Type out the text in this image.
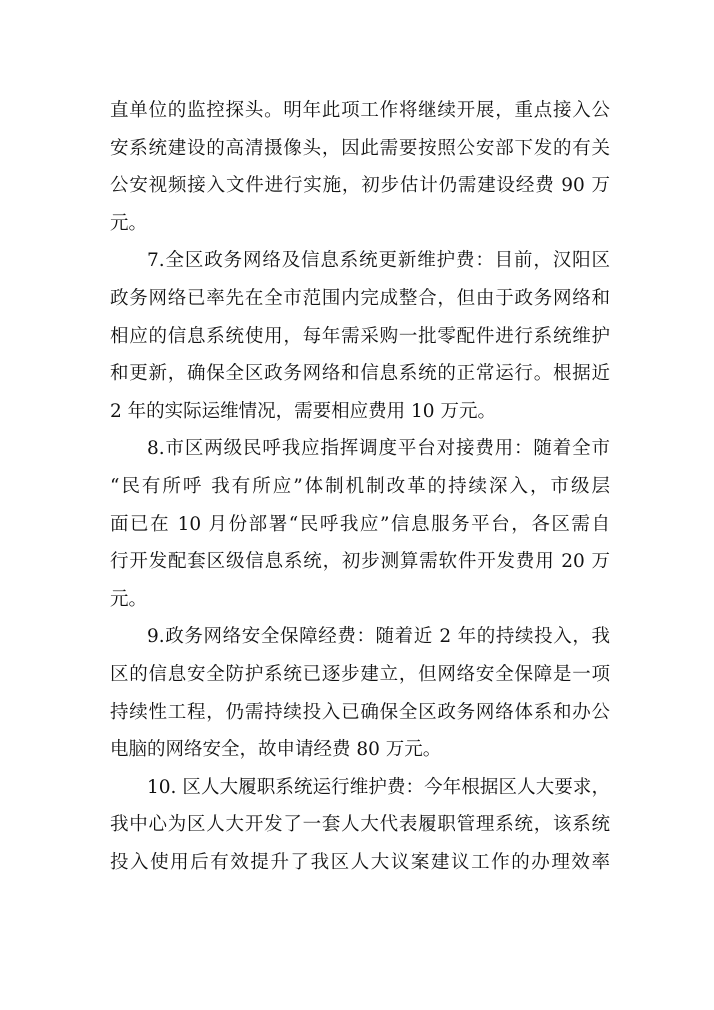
直单位的监控探头。明年此项工作将继续开展，重点接入公
安系统建设的高清摄像头，因此需要按照公安部下发的有关
公安视频接入文件进行实施，初步估计仍需建设经费 90 万
元。
7.全区政务网络及信息系统更新维护费：目前，汉阳区
政务网络已率先在全市范围内完成整合，但由于政务网络和
相应的信息系统使用，每年需采购一批零配件进行系统维护
和更新，确保全区政务网络和信息系统的正常运行。根据近
2 年的实际运维情况，需要相应费用 10 万元。
8.市区两级民呼我应指挥调度平台对接费用：随着全市
“民有所呼 我有所应”体制机制改革的持续深入，市级层
面已在 10 月份部署“民呼我应”信息服务平台，各区需自
行开发配套区级信息系统，初步测算需软件开发费用 20 万
元。
9.政务网络安全保障经费：随着近 2 年的持续投入，我
区的信息安全防护系统已逐步建立，但网络安全保障是一项
持续性工程，仍需持续投入已确保全区政务网络体系和办公
电脑的网络安全，故申请经费 80 万元。
10. 区人大履职系统运行维护费：今年根据区人大要求，
我中心为区人大开发了一套人大代表履职管理系统，该系统
投入使用后有效提升了我区人大议案建议工作的办理效率
